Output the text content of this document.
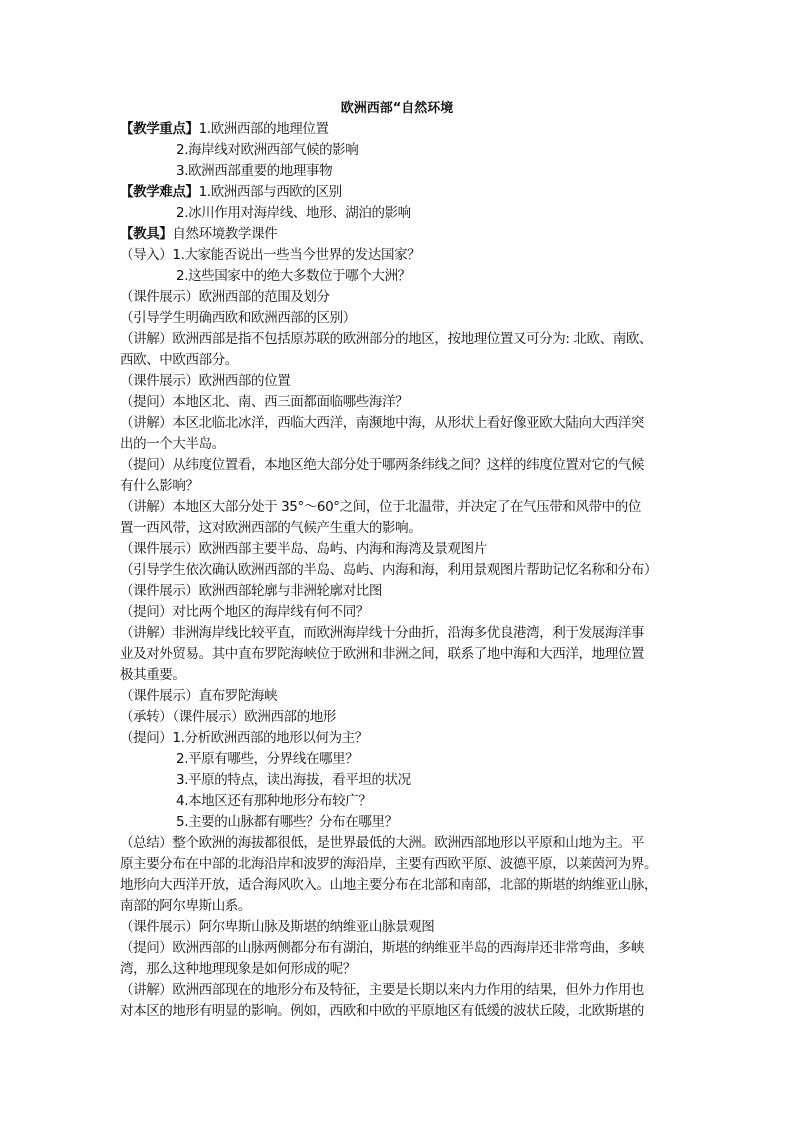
欧洲西部“自然环境
【教学重点】1.欧洲西部的地理位置
2.海岸线对欧洲西部气候的影响
3.欧洲西部重要的地理事物
【教学难点】1.欧洲西部与西欧的区别
2.冰川作用对海岸线、地形、湖泊的影响
【教具】自然环境教学课件
（导入）1.大家能否说出一些当今世界的发达国家？
2.这些国家中的绝大多数位于哪个大洲？
（课件展示）欧洲西部的范围及划分
（引导学生明确西欧和欧洲西部的区别）
（讲解）欧洲西部是指不包括原苏联的欧洲部分的地区，按地理位置又可分为: 北欧、南欧、
西欧、中欧西部分。
（课件展示）欧洲西部的位置
（提问）本地区北、南、西三面都面临哪些海洋？
（讲解）本区北临北冰洋，西临大西洋，南濒地中海，从形状上看好像亚欧大陆向大西洋突
出的一个大半岛。
（提问）从纬度位置看，本地区绝大部分处于哪两条纬线之间？这样的纬度位置对它的气候
有什么影响？
（讲解）本地区大部分处于 35°～60°之间，位于北温带，并决定了在气压带和风带中的位
置一西风带，这对欧洲西部的气候产生重大的影响。
（课件展示）欧洲西部主要半岛、岛屿、内海和海湾及景观图片
（引导学生依次确认欧洲西部的半岛、岛屿、内海和海，利用景观图片帮助记忆名称和分布）
（课件展示）欧洲西部轮廓与非洲轮廓对比图
（提问）对比两个地区的海岸线有何不同？
（讲解）非洲海岸线比较平直，而欧洲海岸线十分曲折，沿海多优良港湾，利于发展海洋事
业及对外贸易。其中直布罗陀海峡位于欧洲和非洲之间，联系了地中海和大西洋，地理位置
极其重要。
（课件展示）直布罗陀海峡
（承转）（课件展示）欧洲西部的地形
（提问）1.分析欧洲西部的地形以何为主？
2.平原有哪些，分界线在哪里？
3.平原的特点，读出海拔，看平坦的状况
4.本地区还有那种地形分布较广？
5.主要的山脉都有哪些？分布在哪里？
（总结）整个欧洲的海拔都很低，是世界最低的大洲。欧洲西部地形以平原和山地为主。平
原主要分布在中部的北海沿岸和波罗的海沿岸，主要有西欧平原、波德平原，以莱茵河为界。
地形向大西洋开放，适合海风吹入。山地主要分布在北部和南部，北部的斯堪的纳维亚山脉，
南部的阿尔卑斯山系。
（课件展示）阿尔卑斯山脉及斯堪的纳维亚山脉景观图
（提问）欧洲西部的山脉两侧都分布有湖泊，斯堪的纳维亚半岛的西海岸还非常弯曲，多峡
湾，那么这种地理现象是如何形成的呢？
（讲解）欧洲西部现在的地形分布及特征，主要是长期以来内力作用的结果，但外力作用也
对本区的地形有明显的影响。例如，西欧和中欧的平原地区有低缓的波状丘陵，北欧斯堪的
